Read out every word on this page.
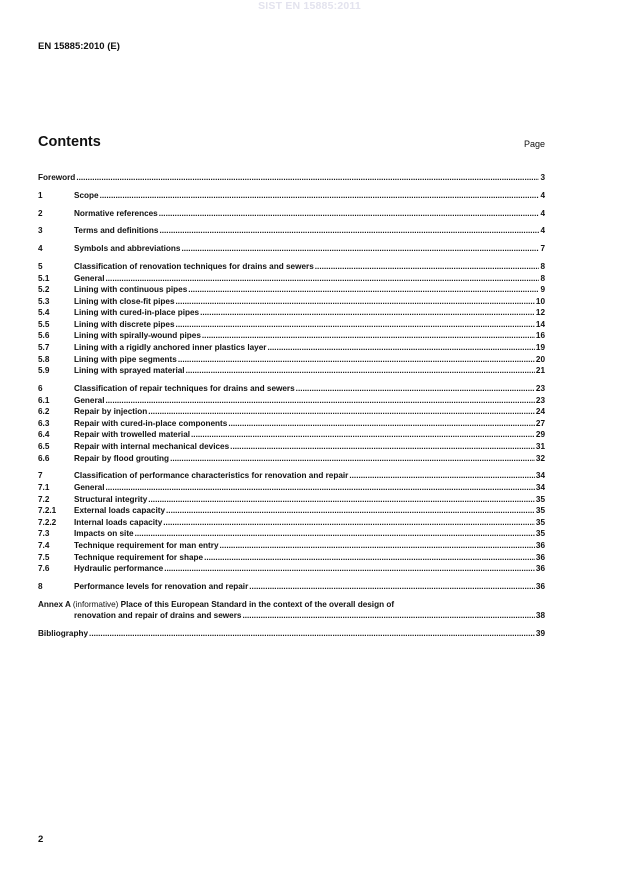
SIST EN 15885:2011
EN 15885:2010 (E)
Contents	Page
Foreword .....	3
1	Scope .....	4
2	Normative references .....	4
3	Terms and definitions .....	4
4	Symbols and abbreviations .....	7
5	Classification of renovation techniques for drains and sewers .....	8
5.1	General .....	8
5.2	Lining with continuous pipes .....	9
5.3	Lining with close-fit pipes .....	10
5.4	Lining with cured-in-place pipes .....	12
5.5	Lining with discrete pipes .....	14
5.6	Lining with spirally-wound pipes .....	16
5.7	Lining with a rigidly anchored inner plastics layer .....	19
5.8	Lining with pipe segments .....	20
5.9	Lining with sprayed material .....	21
6	Classification of repair techniques for drains and sewers .....	23
6.1	General .....	23
6.2	Repair by injection .....	24
6.3	Repair with cured-in-place components .....	27
6.4	Repair with trowelled material .....	29
6.5	Repair with internal mechanical devices .....	31
6.6	Repair by flood grouting .....	32
7	Classification of performance characteristics for renovation and repair .....	34
7.1	General .....	34
7.2	Structural integrity .....	35
7.2.1	External loads capacity .....	35
7.2.2	Internal loads capacity .....	35
7.3	Impacts on site .....	35
7.4	Technique requirement for man entry .....	36
7.5	Technique requirement for shape .....	36
7.6	Hydraulic performance .....	36
8	Performance levels for renovation and repair .....	36
Annex A (informative) Place of this European Standard in the context of the overall design of
renovation and repair of drains and sewers .....	38
Bibliography .....	39
2
